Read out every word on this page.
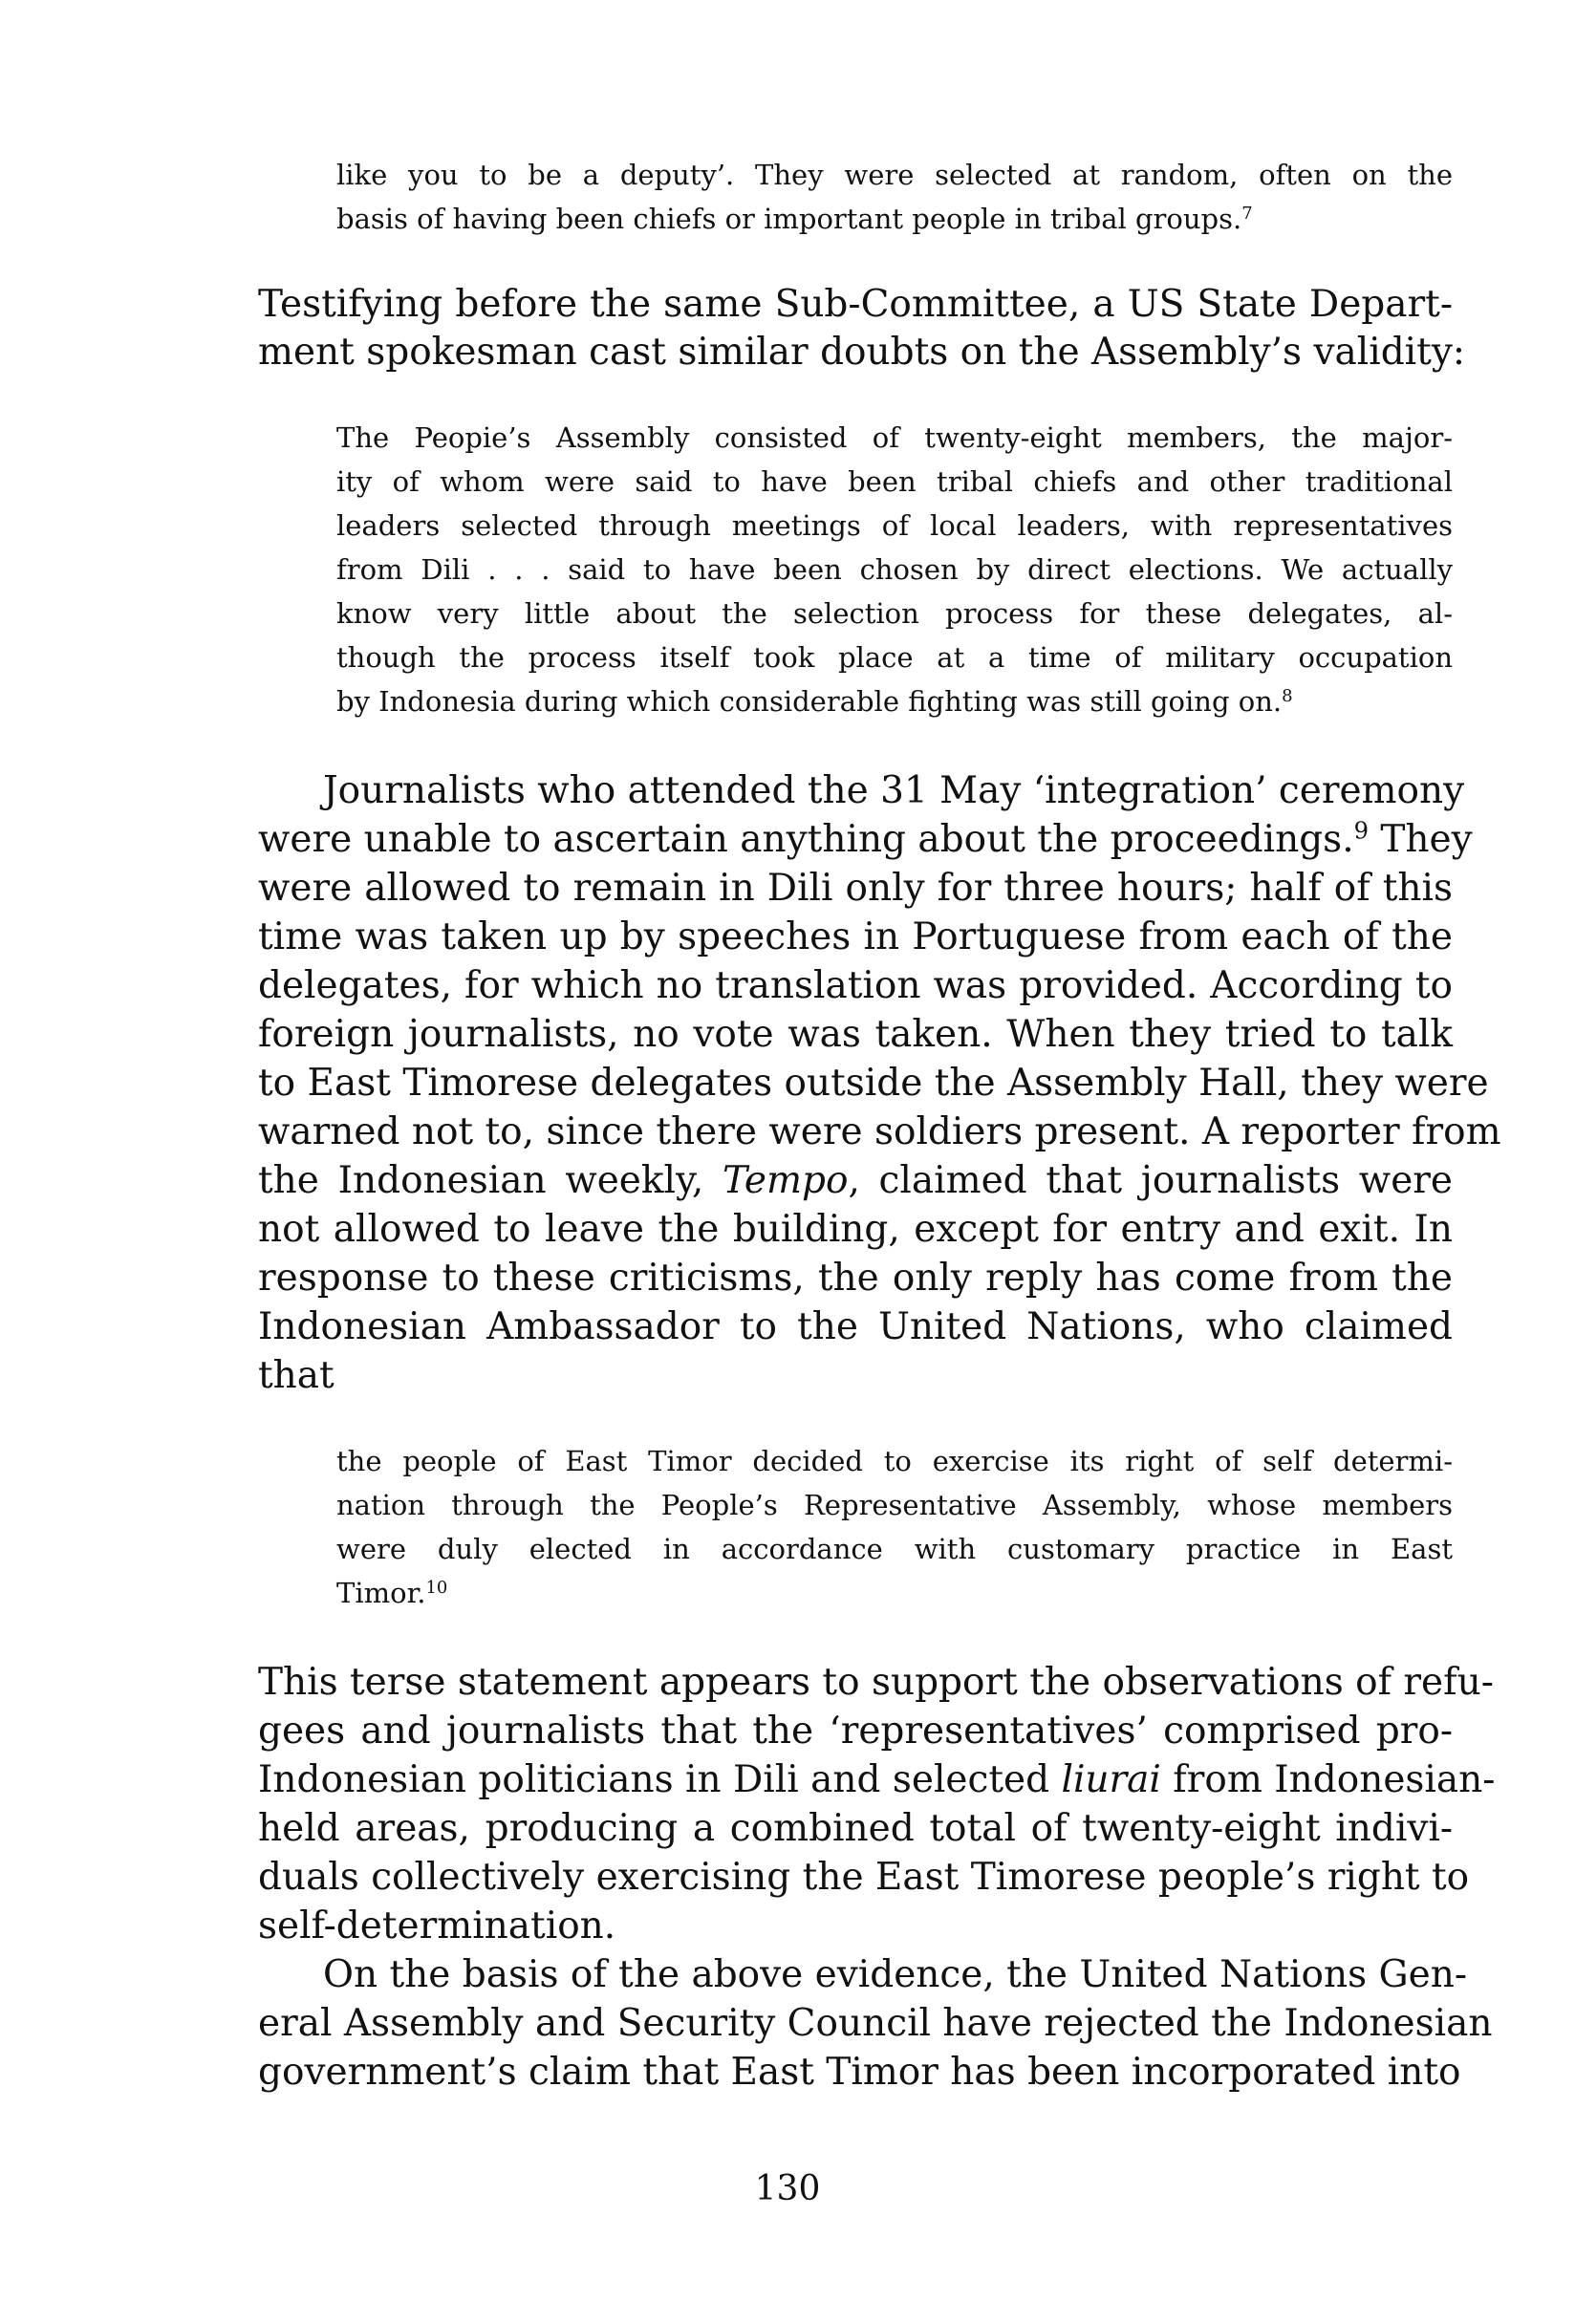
like you to be a deputy’. They were selected at random, often on the

basis of having been chiefs or important people in tribal groups.$^7$

Testifying before the same Sub-Committee, a US State Depart-

ment spokesman cast similar doubts on the Assembly’s validity:

The Peopie’s Assembly consisted of twenty-eight members, the major-

ity of whom were said to have been tribal chiefs and other traditional

leaders selected through meetings of local leaders, with representatives

from Dili . . . said to have been chosen by direct elections. We actually

know very little about the selection process for these delegates, al-

though the process itself took place at a time of military occupation

by Indonesia during which considerable fighting was still going on.$^8$

Journalists who attended the 31 May ‘integration’ ceremony

were unable to ascertain anything about the proceedings.$^9$ They

were allowed to remain in Dili only for three hours; half of this

time was taken up by speeches in Portuguese from each of the

delegates, for which no translation was provided. According to

foreign journalists, no vote was taken. When they tried to talk

to East Timorese delegates outside the Assembly Hall, they were

warned not to, since there were soldiers present. A reporter from

the Indonesian weekly, Tempo, claimed that journalists were

not allowed to leave the building, except for entry and exit. In

response to these criticisms, the only reply has come from the

Indonesian Ambassador to the United Nations, who claimed

that

the people of East Timor decided to exercise its right of self determi-

nation through the People’s Representative Assembly, whose members

were duly elected in accordance with customary practice in East

Timor.$^{10}$

This terse statement appears to support the observations of refu-

gees and journalists that the ‘representatives’ comprised pro-

Indonesian politicians in Dili and selected liurai from Indonesian-

held areas, producing a combined total of twenty-eight indivi-

duals collectively exercising the East Timorese people’s right to

self-determination.

On the basis of the above evidence, the United Nations Gen-

eral Assembly and Security Council have rejected the Indonesian

government’s claim that East Timor has been incorporated into

130
